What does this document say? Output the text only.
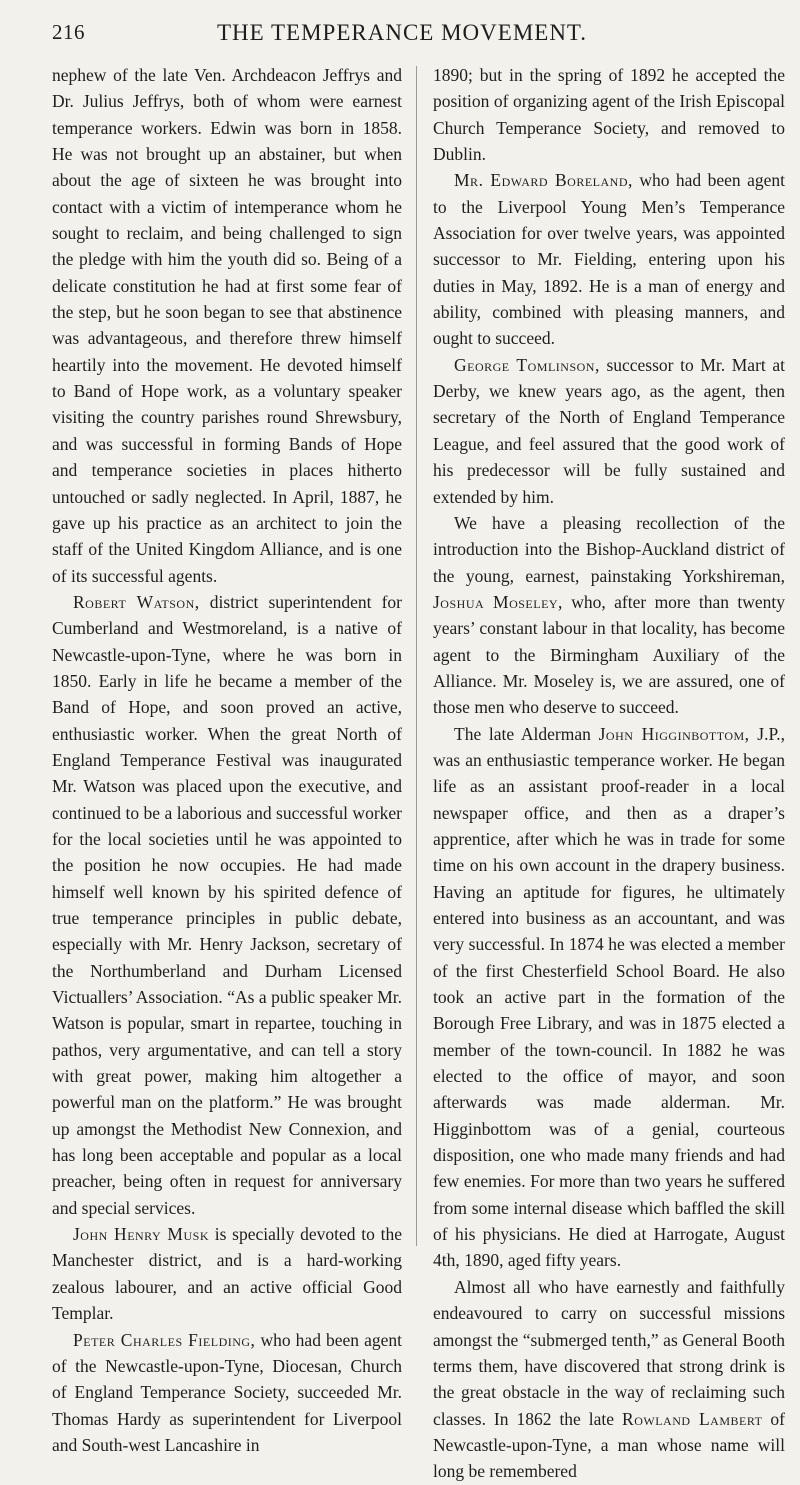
216	THE TEMPERANCE MOVEMENT.

nephew of the late Ven. Archdeacon Jeffrys and Dr. Julius Jeffrys, both of whom were earnest temperance workers. Edwin was born in 1858. He was not brought up an abstainer, but when about the age of sixteen he was brought into contact with a victim of intemperance whom he sought to reclaim, and being challenged to sign the pledge with him the youth did so. Being of a delicate constitution he had at first some fear of the step, but he soon began to see that abstinence was advantageous, and therefore threw himself heartily into the movement. He devoted himself to Band of Hope work, as a voluntary speaker visiting the country parishes round Shrewsbury, and was successful in forming Bands of Hope and temperance societies in places hitherto untouched or sadly neglected. In April, 1887, he gave up his practice as an architect to join the staff of the United Kingdom Alliance, and is one of its successful agents.

Robert Watson, district superintendent for Cumberland and Westmoreland, is a native of Newcastle-upon-Tyne, where he was born in 1850. Early in life he became a member of the Band of Hope, and soon proved an active, enthusiastic worker. When the great North of England Temperance Festival was inaugurated Mr. Watson was placed upon the executive, and continued to be a laborious and successful worker for the local societies until he was appointed to the position he now occupies. He had made himself well known by his spirited defence of true temperance principles in public debate, especially with Mr. Henry Jackson, secretary of the Northumberland and Durham Licensed Victuallers’ Association. “As a public speaker Mr. Watson is popular, smart in repartee, touching in pathos, very argumentative, and can tell a story with great power, making him altogether a powerful man on the platform.” He was brought up amongst the Methodist New Connexion, and has long been acceptable and popular as a local preacher, being often in request for anniversary and special services.

John Henry Musk is specially devoted to the Manchester district, and is a hard-working zealous labourer, and an active official Good Templar.

Peter Charles Fielding, who had been agent of the Newcastle-upon-Tyne, Diocesan, Church of England Temperance Society, succeeded Mr. Thomas Hardy as superintendent for Liverpool and South-west Lancashire in

1890; but in the spring of 1892 he accepted the position of organizing agent of the Irish Episcopal Church Temperance Society, and removed to Dublin.

Mr. Edward Boreland, who had been agent to the Liverpool Young Men’s Temperance Association for over twelve years, was appointed successor to Mr. Fielding, entering upon his duties in May, 1892. He is a man of energy and ability, combined with pleasing manners, and ought to succeed.

George Tomlinson, successor to Mr. Mart at Derby, we knew years ago, as the agent, then secretary of the North of England Temperance League, and feel assured that the good work of his predecessor will be fully sustained and extended by him.

We have a pleasing recollection of the introduction into the Bishop-Auckland district of the young, earnest, painstaking Yorkshireman, Joshua Moseley, who, after more than twenty years’ constant labour in that locality, has become agent to the Birmingham Auxiliary of the Alliance. Mr. Moseley is, we are assured, one of those men who deserve to succeed.

The late Alderman John Higginbottom, J.P., was an enthusiastic temperance worker. He began life as an assistant proof-reader in a local newspaper office, and then as a draper’s apprentice, after which he was in trade for some time on his own account in the drapery business. Having an aptitude for figures, he ultimately entered into business as an accountant, and was very successful. In 1874 he was elected a member of the first Chesterfield School Board. He also took an active part in the formation of the Borough Free Library, and was in 1875 elected a member of the town-council. In 1882 he was elected to the office of mayor, and soon afterwards was made alderman. Mr. Higginbottom was of a genial, courteous disposition, one who made many friends and had few enemies. For more than two years he suffered from some internal disease which baffled the skill of his physicians. He died at Harrogate, August 4th, 1890, aged fifty years.

Almost all who have earnestly and faithfully endeavoured to carry on successful missions amongst the “submerged tenth,” as General Booth terms them, have discovered that strong drink is the great obstacle in the way of reclaiming such classes. In 1862 the late Rowland Lambert of Newcastle-upon-Tyne, a man whose name will long be remembered
